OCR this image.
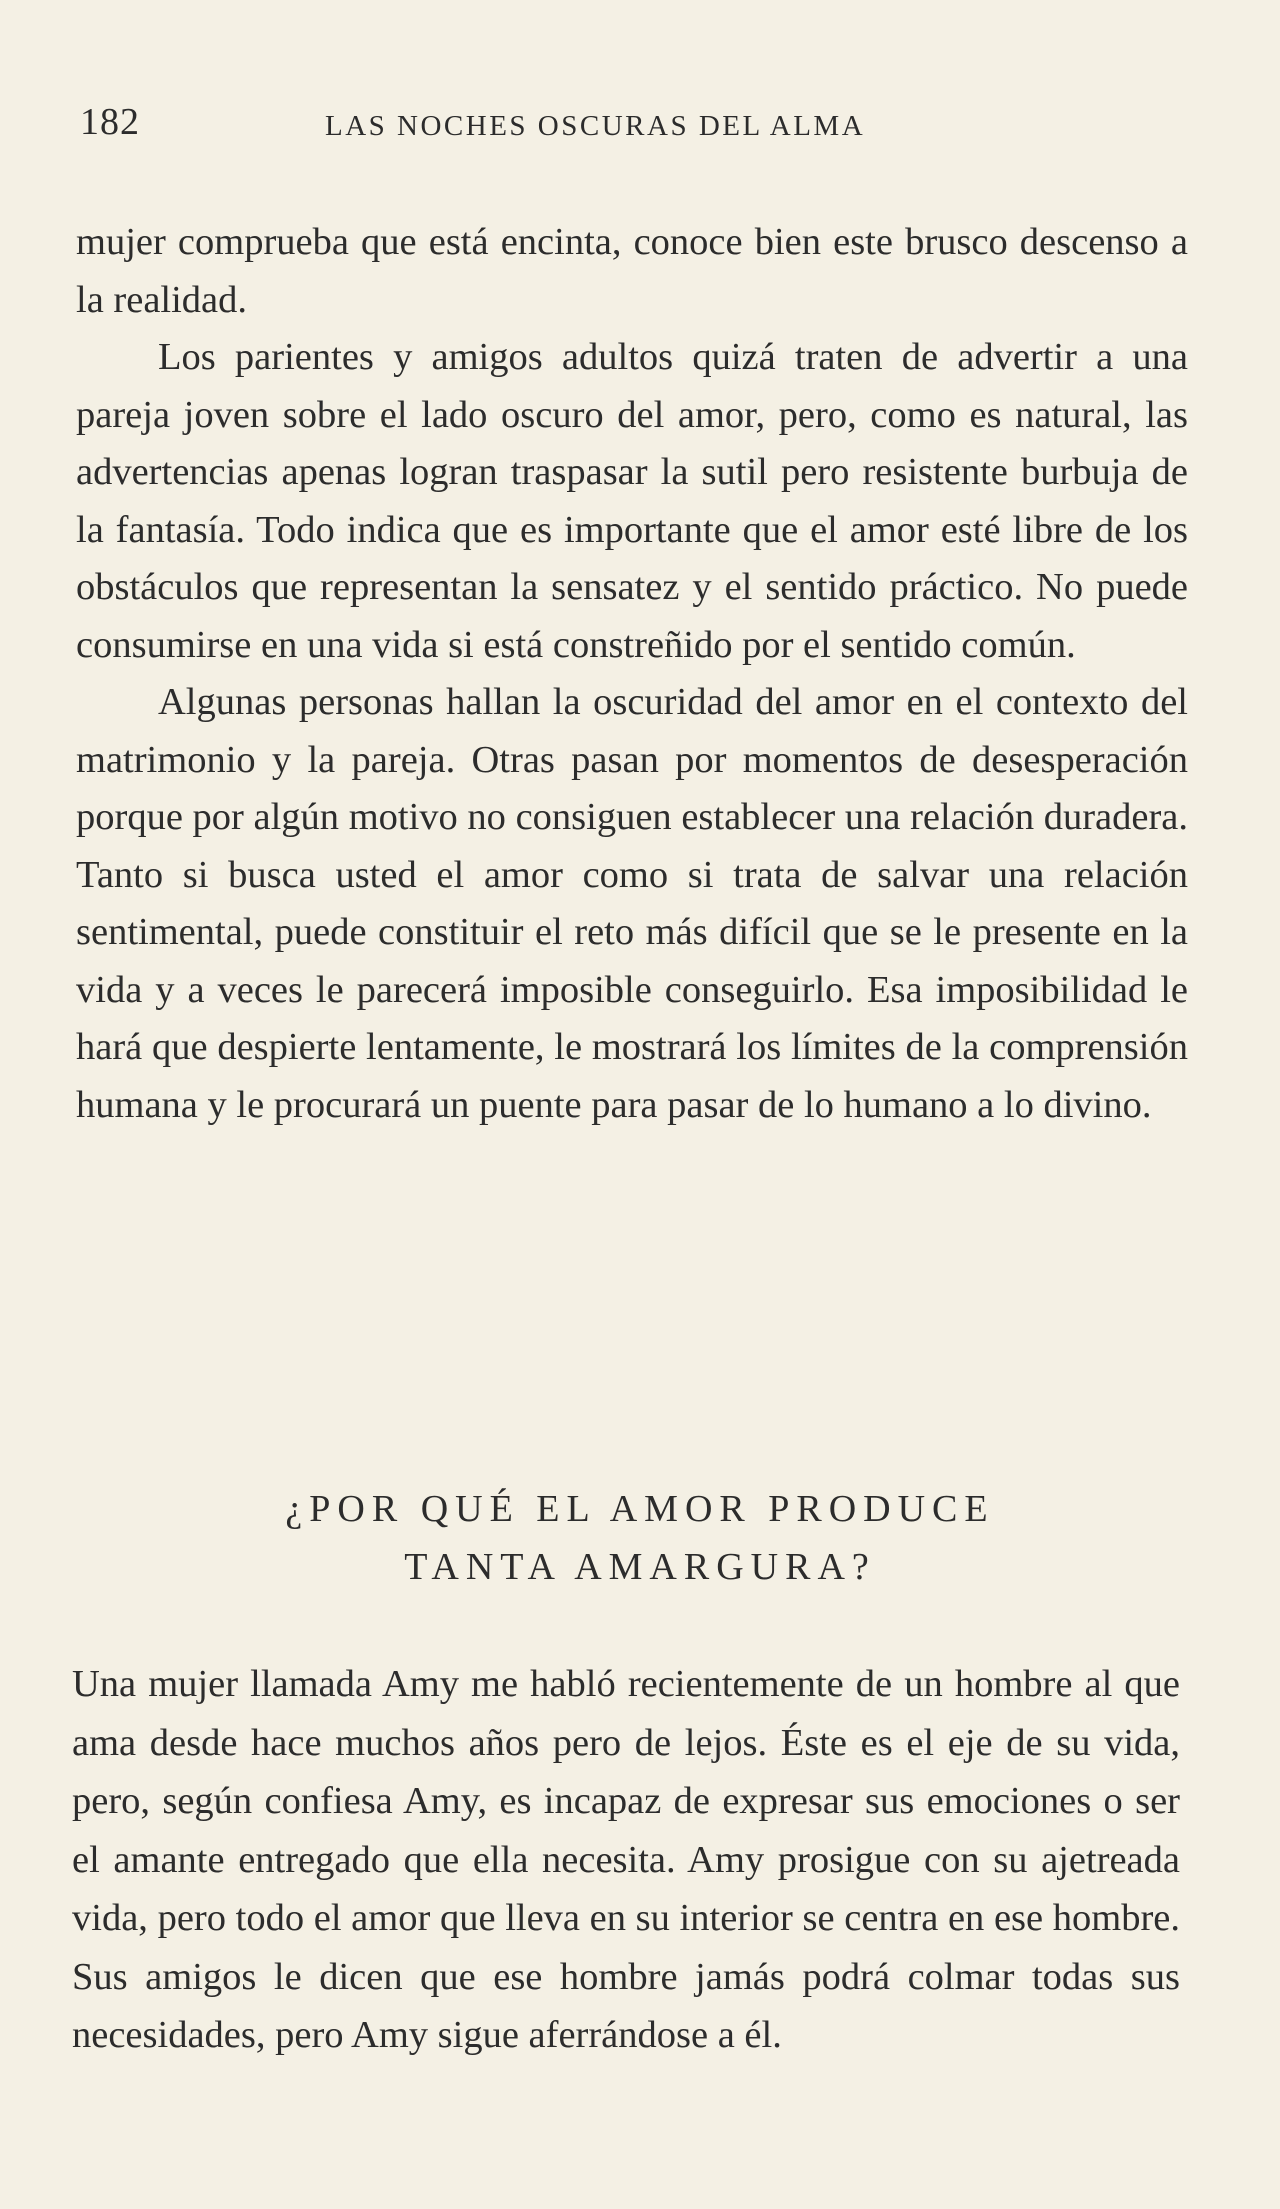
182	LAS NOCHES OSCURAS DEL ALMA

mujer comprueba que está encinta, conoce bien este brusco descenso a la realidad.

Los parientes y amigos adultos quizá traten de advertir a una pareja joven sobre el lado oscuro del amor, pero, como es natural, las advertencias apenas logran traspasar la sutil pero resistente burbuja de la fantasía. Todo indica que es importante que el amor esté libre de los obstáculos que representan la sensatez y el sentido práctico. No puede consumirse en una vida si está constreñido por el sentido común.

Algunas personas hallan la oscuridad del amor en el contexto del matrimonio y la pareja. Otras pasan por momentos de desesperación porque por algún motivo no consiguen establecer una relación duradera. Tanto si busca usted el amor como si trata de salvar una relación sentimental, puede constituir el reto más difícil que se le presente en la vida y a veces le parecerá imposible conseguirlo. Esa imposibilidad le hará que despierte lentamente, le mostrará los límites de la comprensión humana y le procurará un puente para pasar de lo humano a lo divino.

¿POR QUÉ EL AMOR PRODUCE
TANTA AMARGURA?

Una mujer llamada Amy me habló recientemente de un hombre al que ama desde hace muchos años pero de lejos. Éste es el eje de su vida, pero, según confiesa Amy, es incapaz de expresar sus emociones o ser el amante entregado que ella necesita. Amy prosigue con su ajetreada vida, pero todo el amor que lleva en su interior se centra en ese hombre. Sus amigos le dicen que ese hombre jamás podrá colmar todas sus necesidades, pero Amy sigue aferrándose a él.
